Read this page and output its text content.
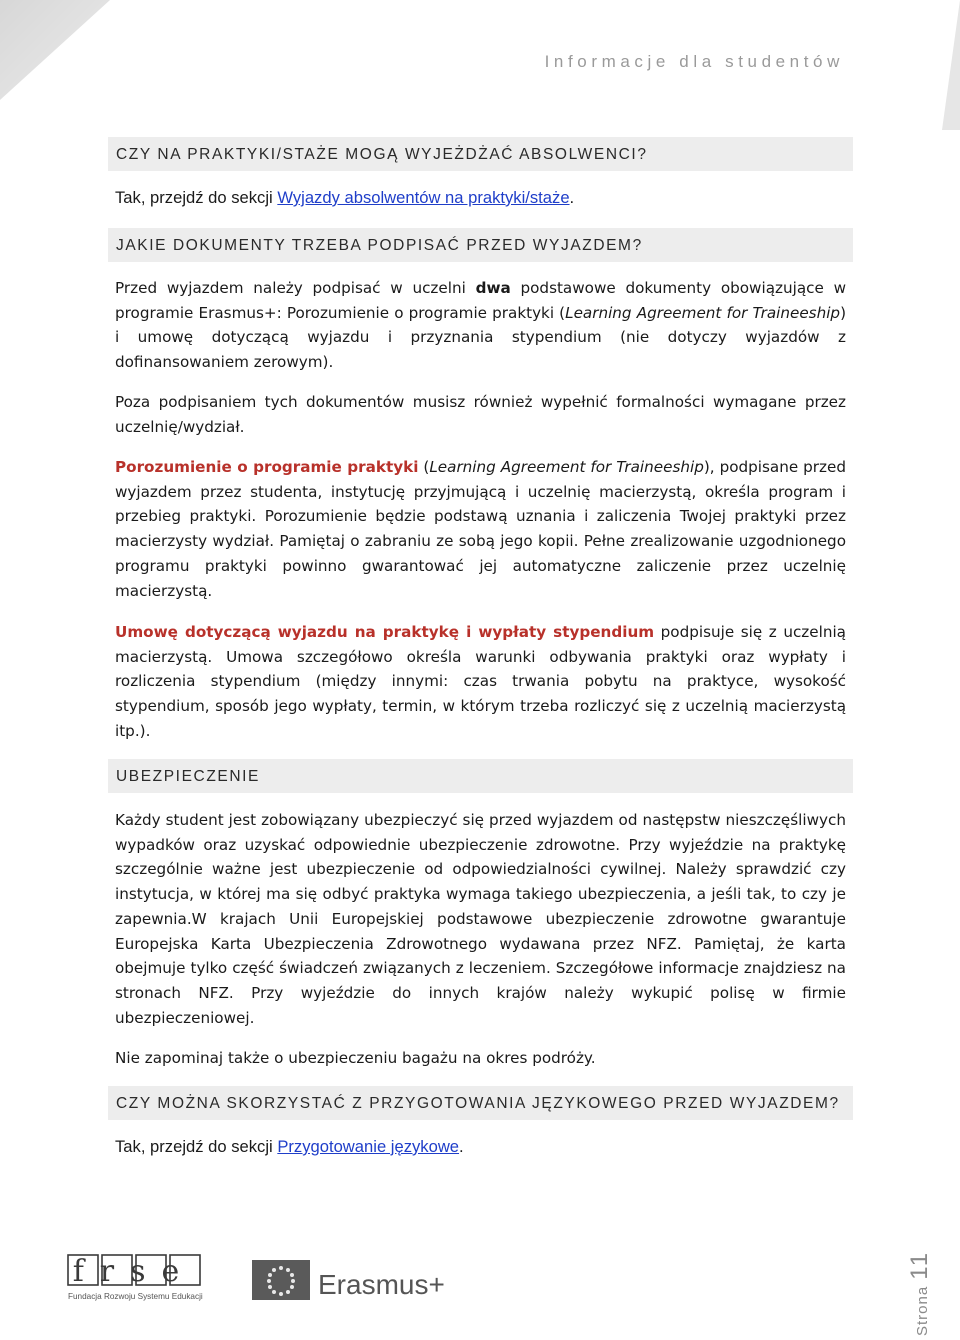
Informacje dla studentów
CZY NA PRAKTYKI/STAŻE MOGĄ WYJEŻDŻAĆ ABSOLWENCI?
Tak, przejdź do sekcji Wyjazdy absolwentów na praktyki/staże.
JAKIE DOKUMENTY TRZEBA PODPISAĆ PRZED WYJAZDEM?
Przed wyjazdem należy podpisać w uczelni dwa podstawowe dokumenty obowiązujące w programie Erasmus+: Porozumienie o programie praktyki (Learning Agreement for Traineeship) i umowę dotyczącą wyjazdu i przyznania stypendium (nie dotyczy wyjazdów z dofinansowaniem zerowym).
Poza podpisaniem tych dokumentów musisz również wypełnić formalności wymagane przez uczelnię/wydział.
Porozumienie o programie praktyki (Learning Agreement for Traineeship), podpisane przed wyjazdem przez studenta, instytucję przyjmującą i uczelnię macierzystą, określa program i przebieg praktyki. Porozumienie będzie podstawą uznania i zaliczenia Twojej praktyki przez macierzysty wydział. Pamiętaj o zabraniu ze sobą jego kopii. Pełne zrealizowanie uzgodnionego programu praktyki powinno gwarantować jej automatyczne zaliczenie przez uczelnię macierzystą.
Umowę dotyczącą wyjazdu na praktykę i wypłaty stypendium podpisuje się z uczelnią macierzystą. Umowa szczegółowo określa warunki odbywania praktyki oraz wypłaty i rozliczenia stypendium (między innymi: czas trwania pobytu na praktyce, wysokość stypendium, sposób jego wypłaty, termin, w którym trzeba rozliczyć się z uczelnią macierzystą itp.).
UBEZPIECZENIE
Każdy student jest zobowiązany ubezpieczyć się przed wyjazdem od następstw nieszczęśliwych wypadków oraz uzyskać odpowiednie ubezpieczenie zdrowotne. Przy wyjeździe na praktykę szczególnie ważne jest ubezpieczenie od odpowiedzialności cywilnej. Należy sprawdzić czy instytucja, w której ma się odbyć praktyka wymaga takiego ubezpieczenia, a jeśli tak, to czy je zapewnia.W krajach Unii Europejskiej podstawowe ubezpieczenie zdrowotne gwarantuje Europejska Karta Ubezpieczenia Zdrowotnego wydawana przez NFZ. Pamiętaj, że karta obejmuje tylko część świadczeń związanych z leczeniem. Szczegółowe informacje znajdziesz na stronach NFZ. Przy wyjeździe do innych krajów należy wykupić polisę w firmie ubezpieczeniowej.
Nie zapominaj także o ubezpieczeniu bagażu na okres podróży.
CZY MOŻNA SKORZYSTAĆ Z PRZYGOTOWANIA JĘZYKOWEGO PRZED WYJAZDEM?
Tak, przejdź do sekcji Przygotowanie językowe.
frse
Fundacja Rozwoju Systemu Edukacji	Erasmus+
Strona11
